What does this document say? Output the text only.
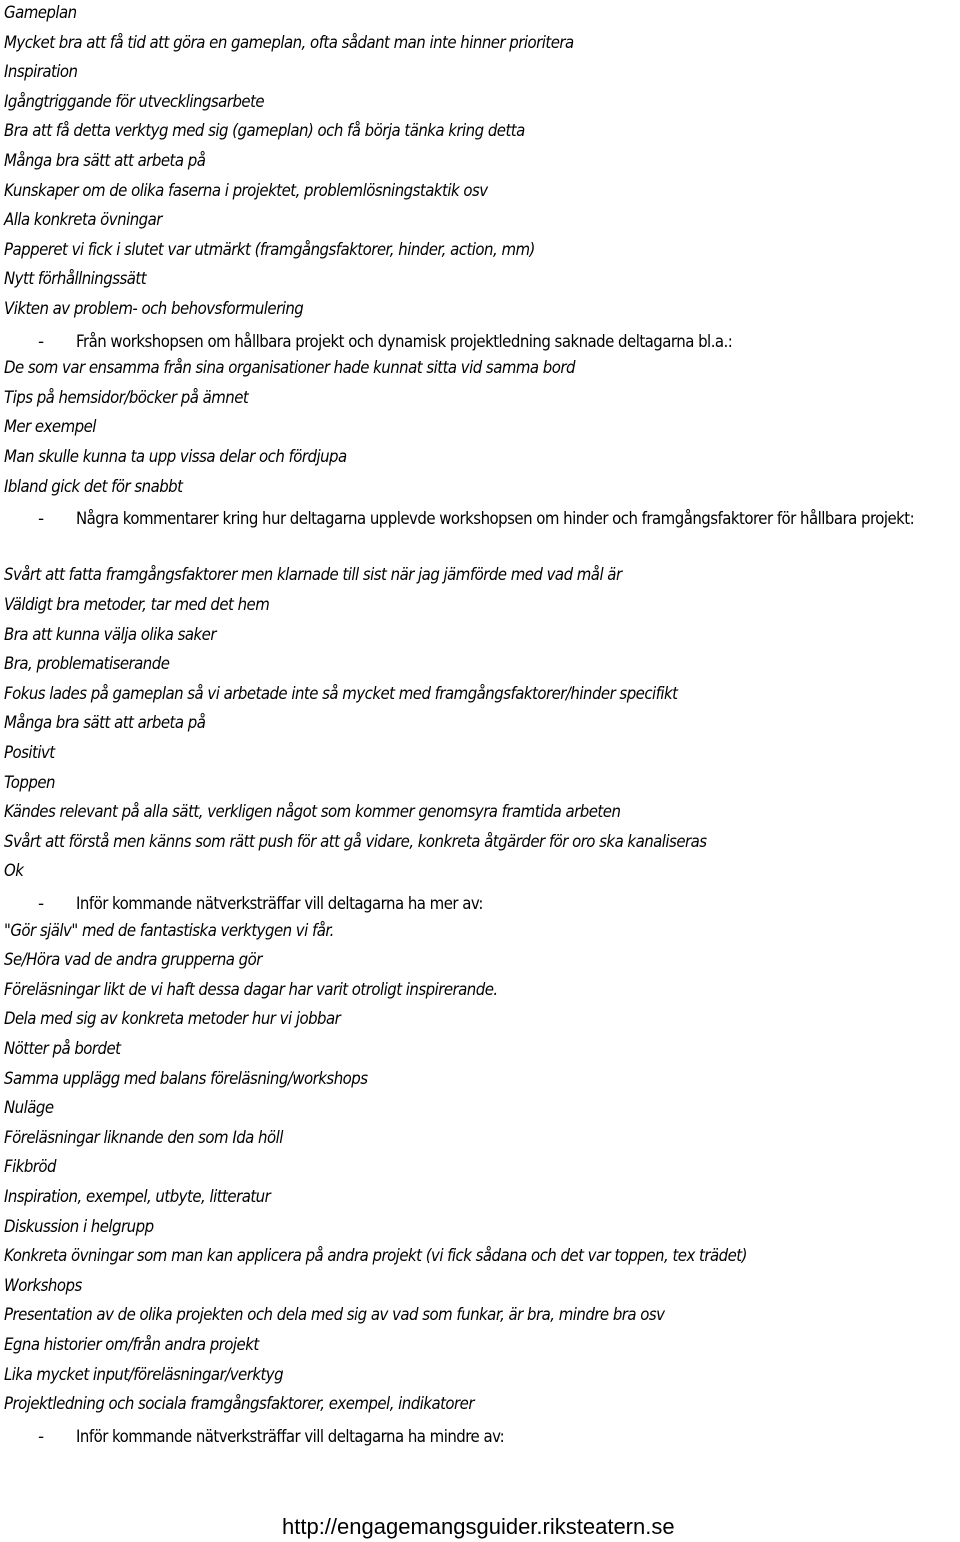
Gameplan
Mycket bra att få tid att göra en gameplan, ofta sådant man inte hinner prioritera
Inspiration
Igångtriggande för utvecklingsarbete
Bra att få detta verktyg med sig (gameplan) och få börja tänka kring detta
Många bra sätt att arbeta på
Kunskaper om de olika faserna i projektet, problemlösningstaktik osv
Alla konkreta övningar
Papperet vi fick i slutet var utmärkt (framgångsfaktorer, hinder, action, mm)
Nytt förhållningssätt
Vikten av problem- och behovsformulering
- Från workshopsen om hållbara projekt och dynamisk projektledning saknade deltagarna bl.a.:
De som var ensamma från sina organisationer hade kunnat sitta vid samma bord
Tips på hemsidor/böcker på ämnet
Mer exempel
Man skulle kunna ta upp vissa delar och fördjupa
Ibland gick det för snabbt
- Några kommentarer kring hur deltagarna upplevde workshopsen om hinder och framgångsfaktorer för hållbara projekt:
Svårt att fatta framgångsfaktorer men klarnade till sist när jag jämförde med vad mål är
Väldigt bra metoder, tar med det hem
Bra att kunna välja olika saker
Bra, problematiserande
Fokus lades på gameplan så vi arbetade inte så mycket med framgångsfaktorer/hinder specifikt
Många bra sätt att arbeta på
Positivt
Toppen
Kändes relevant på alla sätt, verkligen något som kommer genomsyra framtida arbeten
Svårt att förstå men känns som rätt push för att gå vidare, konkreta åtgärder för oro ska kanaliseras
Ok
- Inför kommande nätverksträffar vill deltagarna ha mer av:
"Gör själv" med de fantastiska verktygen vi får.
Se/Höra vad de andra grupperna gör
Föreläsningar likt de vi haft dessa dagar har varit otroligt inspirerande.
Dela med sig av konkreta metoder hur vi jobbar
Nötter på bordet
Samma upplägg med balans föreläsning/workshops
Nuläge
Föreläsningar liknande den som Ida höll
Fikbröd
Inspiration, exempel, utbyte, litteratur
Diskussion i helgrupp
Konkreta övningar som man kan applicera på andra projekt (vi fick sådana och det var toppen, tex trädet)
Workshops
Presentation av de olika projekten och dela med sig av vad som funkar, är bra, mindre bra osv
Egna historier om/från andra projekt
Lika mycket input/föreläsningar/verktyg
Projektledning och sociala framgångsfaktorer, exempel, indikatorer
- Inför kommande nätverksträffar vill deltagarna ha mindre av:
http://engagemangsguider.riksteatern.se
